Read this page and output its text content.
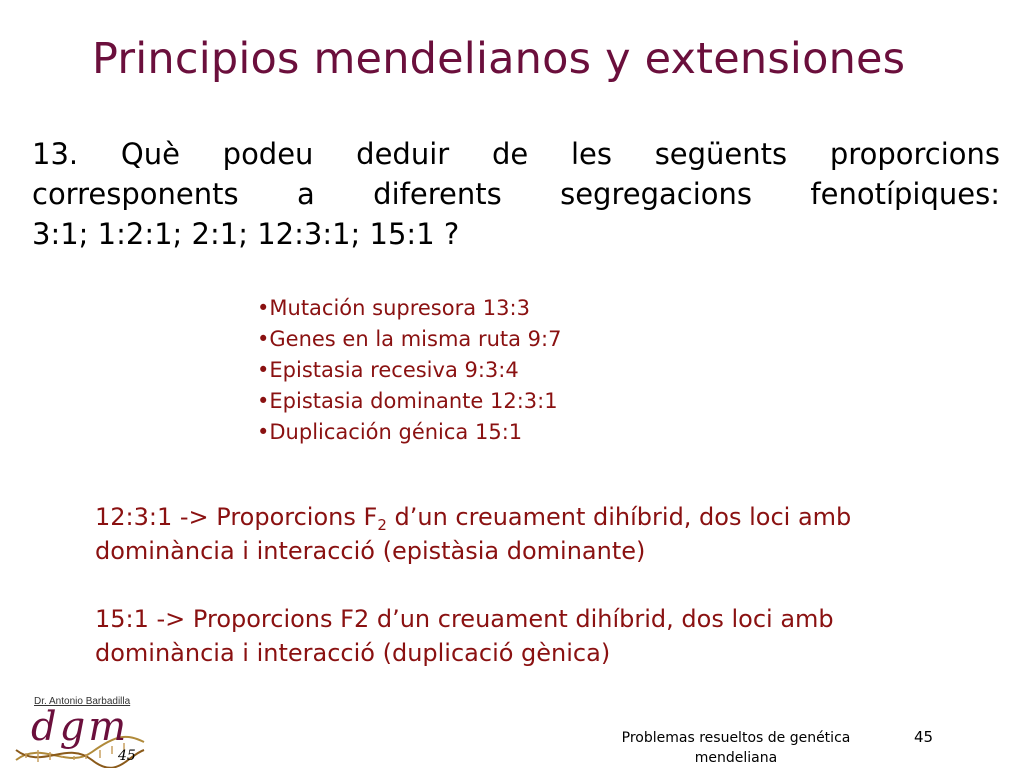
Principios mendelianos y extensiones
13. Què podeu deduir de les següents proporcions
corresponents a diferents segregacions fenotípiques:
3:1; 1:2:1; 2:1; 12:3:1; 15:1 ?
•Mutación supresora 13:3
•Genes en la misma ruta 9:7
•Epistasia recesiva 9:3:4
•Epistasia dominante 12:3:1
•Duplicación génica 15:1

12:3:1 -> Proporcions $F_2$ d’un creuament dihíbrid, dos loci amb dominància i interacció (epistàsia dominante)

15:1 -> Proporcions F2 d’un creuament dihíbrid, dos loci amb dominància i interacció (duplicació gènica)

Dr. Antonio Barbadilla
dgm
45
Problemas resueltos de genética mendeliana
45
